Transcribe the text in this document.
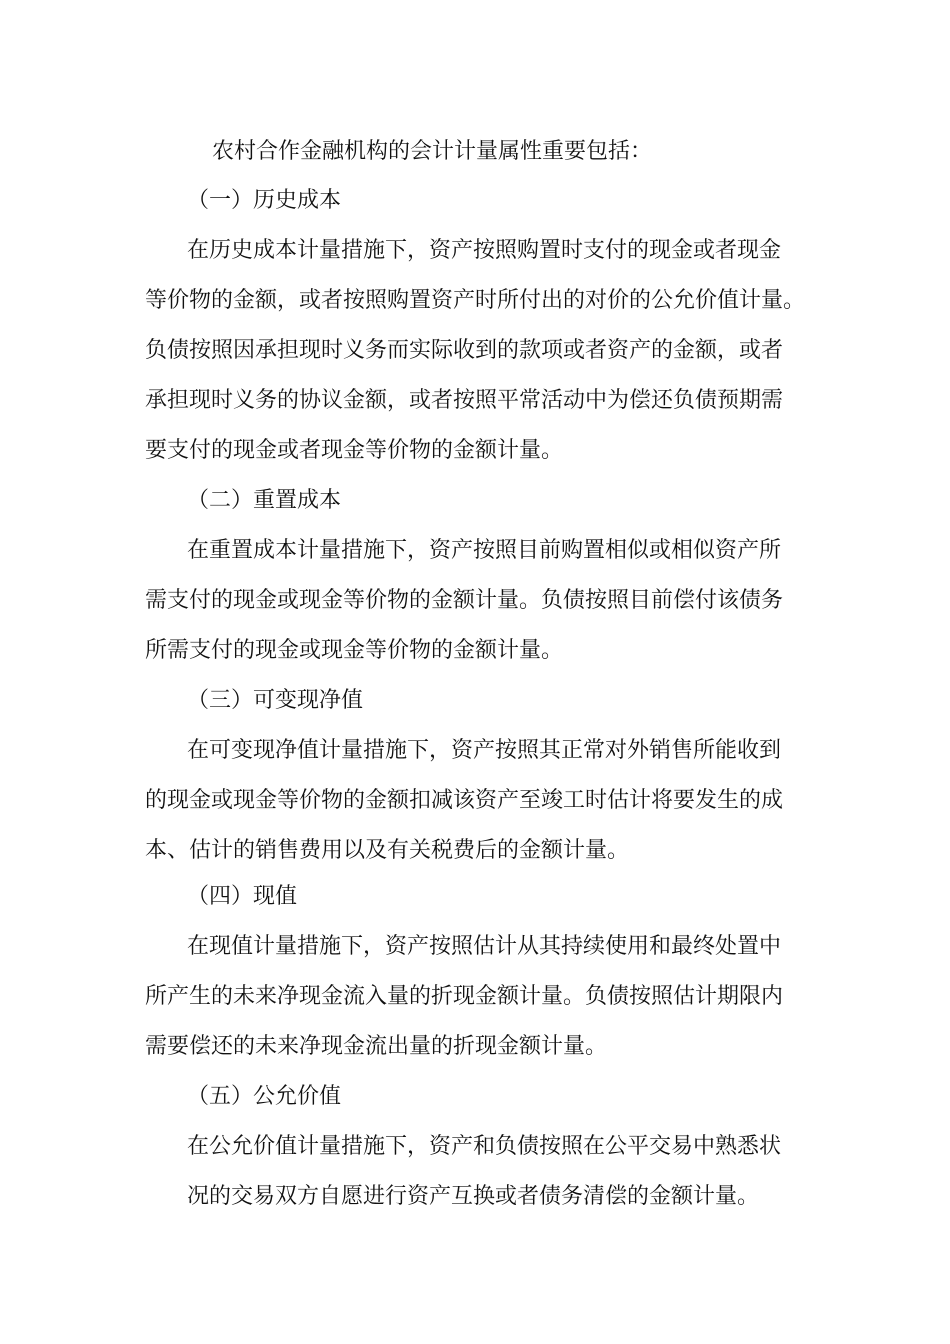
农村合作金融机构的会计计量属性重要包括：
（一）历史成本
在历史成本计量措施下，资产按照购置时支付的现金或者现金
等价物的金额，或者按照购置资产时所付出的对价的公允价值计量。
负债按照因承担现时义务而实际收到的款项或者资产的金额，或者
承担现时义务的协议金额，或者按照平常活动中为偿还负债预期需
要支付的现金或者现金等价物的金额计量。
（二）重置成本
在重置成本计量措施下，资产按照目前购置相似或相似资产所
需支付的现金或现金等价物的金额计量。负债按照目前偿付该债务
所需支付的现金或现金等价物的金额计量。
（三）可变现净值
在可变现净值计量措施下，资产按照其正常对外销售所能收到
的现金或现金等价物的金额扣减该资产至竣工时估计将要发生的成
本、估计的销售费用以及有关税费后的金额计量。
（四）现值
在现值计量措施下，资产按照估计从其持续使用和最终处置中
所产生的未来净现金流入量的折现金额计量。负债按照估计期限内
需要偿还的未来净现金流出量的折现金额计量。
（五）公允价值
在公允价值计量措施下，资产和负债按照在公平交易中熟悉状
况的交易双方自愿进行资产互换或者债务清偿的金额计量。
